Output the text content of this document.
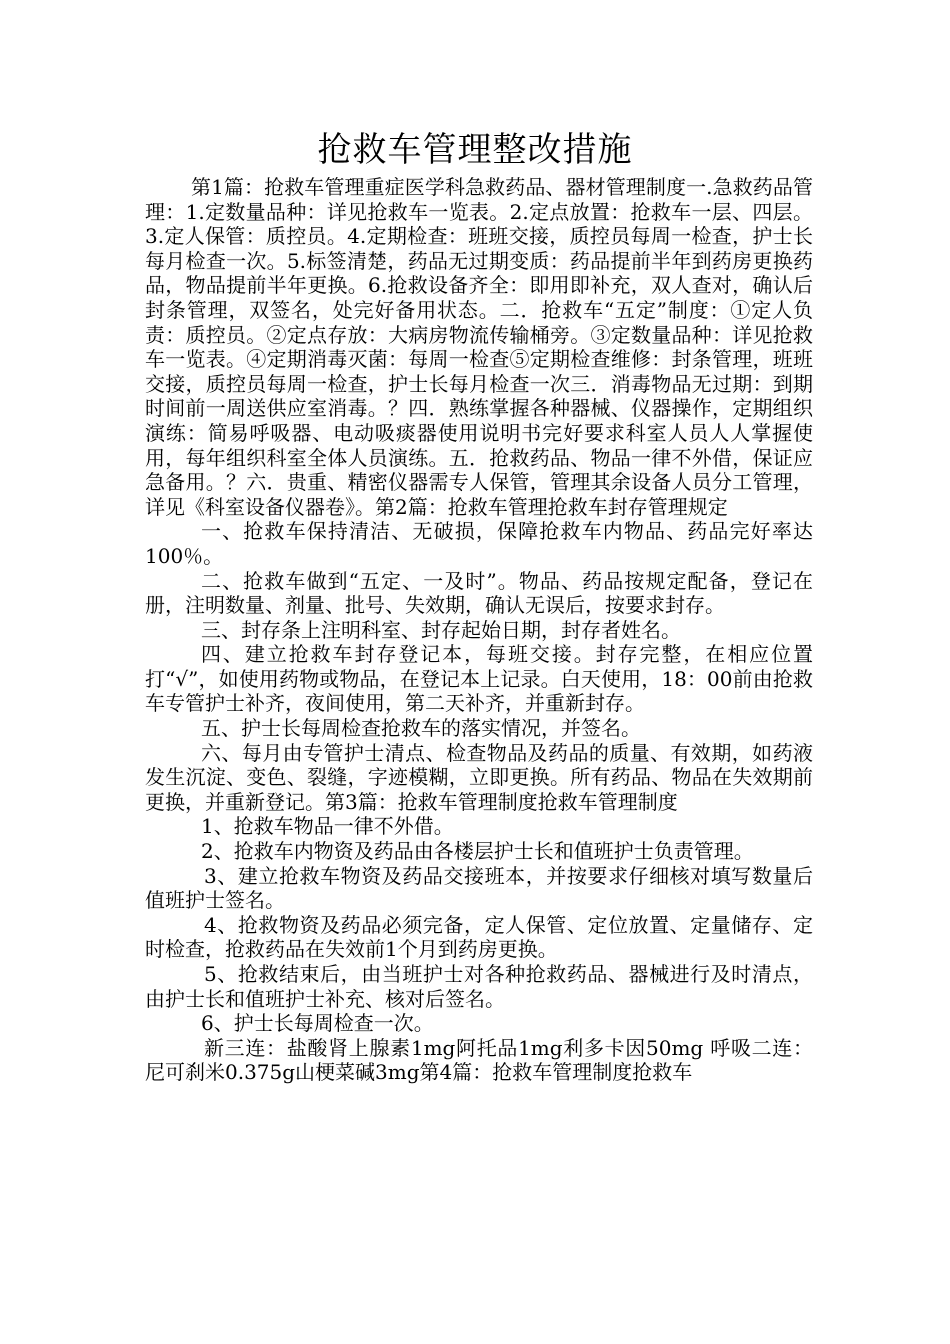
抢救车管理整改措施

第1篇：抢救车管理重症医学科急救药品、器材管理制度一.急救药品管理：1.定数量品种：详见抢救车一览表。2.定点放置：抢救车一层、四层。3.定人保管：质控员。4.定期检查：班班交接，质控员每周一检查，护士长每月检查一次。5.标签清楚，药品无过期变质：药品提前半年到药房更换药品，物品提前半年更换。6.抢救设备齐全：即用即补充，双人查对，确认后封条管理，双签名，处完好备用状态。二．抢救车“五定”制度：①定人负责：质控员。②定点存放：大病房物流传输桶旁。③定数量品种：详见抢救车一览表。④定期消毒灭菌：每周一检查⑤定期检查维修：封条管理，班班交接，质控员每周一检查，护士长每月检查一次三．消毒物品无过期：到期时间前一周送供应室消毒。？四．熟练掌握各种器械、仪器操作，定期组织演练：简易呼吸器、电动吸痰器使用说明书完好要求科室人员人人掌握使用，每年组织科室全体人员演练。五．抢救药品、物品一律不外借，保证应急备用。？六．贵重、精密仪器需专人保管，管理其余设备人员分工管理，详见《科室设备仪器卷》。第2篇：抢救车管理抢救车封存管理规定

一、抢救车保持清洁、无破损，保障抢救车内物品、药品完好率达100％。

二、抢救车做到“五定、一及时”。物品、药品按规定配备，登记在册，注明数量、剂量、批号、失效期，确认无误后，按要求封存。

三、封存条上注明科室、封存起始日期，封存者姓名。

四、建立抢救车封存登记本，每班交接。封存完整，在相应位置打“√”，如使用药物或物品，在登记本上记录。白天使用，18：00前由抢救车专管护士补齐，夜间使用，第二天补齐，并重新封存。

五、护士长每周检查抢救车的落实情况，并签名。

六、每月由专管护士清点、检查物品及药品的质量、有效期，如药液发生沉淀、变色、裂缝，字迹模糊，立即更换。所有药品、物品在失效期前更换，并重新登记。第3篇：抢救车管理制度抢救车管理制度

1、抢救车物品一律不外借。

2、抢救车内物资及药品由各楼层护士长和值班护士负责管理。

3、建立抢救车物资及药品交接班本，并按要求仔细核对填写数量后值班护士签名。

4、抢救物资及药品必须完备，定人保管、定位放置、定量储存、定时检查，抢救药品在失效前1个月到药房更换。

5、抢救结束后，由当班护士对各种抢救药品、器械进行及时清点，由护士长和值班护士补充、核对后签名。

6、护士长每周检查一次。

新三连：盐酸肾上腺素1mg阿托品1mg利多卡因50mg 呼吸二连：尼可刹米0.375g山梗菜碱3mg第4篇：抢救车管理制度抢救车
